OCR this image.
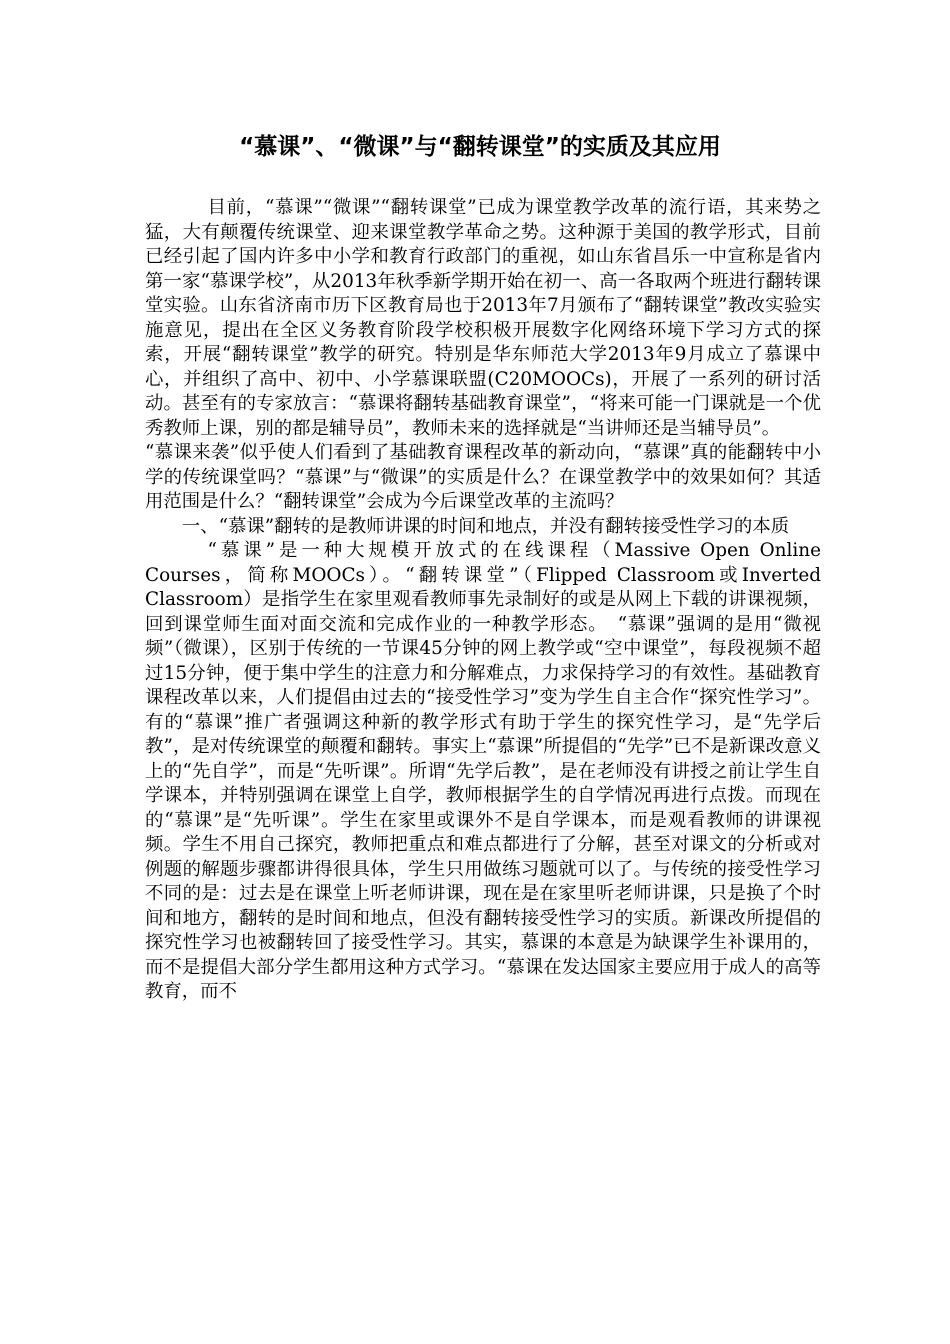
“慕课”、“微课”与“翻转课堂”的实质及其应用

目前，“慕课”“微课”“翻转课堂”已成为课堂教学改革的流行语，其来势之猛，大有颠覆传统课堂、迎来课堂教学革命之势。这种源于美国的教学形式，目前已经引起了国内许多中小学和教育行政部门的重视，如山东省昌乐一中宣称是省内第一家“慕课学校”，从2013年秋季新学期开始在初一、高一各取两个班进行翻转课堂实验。山东省济南市历下区教育局也于2013年7月颁布了“翻转课堂”教改实验实施意见，提出在全区义务教育阶段学校积极开展数字化网络环境下学习方式的探索，开展“翻转课堂”教学的研究。特别是华东师范大学2013年9月成立了慕课中心，并组织了高中、初中、小学慕课联盟(C20MOOCs)，开展了一系列的研讨活动。甚至有的专家放言：“慕课将翻转基础教育课堂”，“将来可能一门课就是一个优秀教师上课，别的都是辅导员”，教师未来的选择就是“当讲师还是当辅导员”。

“慕课来袭”似乎使人们看到了基础教育课程改革的新动向，“慕课”真的能翻转中小学的传统课堂吗？“慕课”与“微课”的实质是什么？在课堂教学中的效果如何？其适用范围是什么？“翻转课堂”会成为今后课堂改革的主流吗？

一、“慕课”翻转的是教师讲课的时间和地点，并没有翻转接受性学习的本质

“慕课”是一种大规模开放式的在线课程（Massive Open Online Courses，简称MOOCs）。“翻转课堂”（Flipped Classroom或Inverted Classroom）是指学生在家里观看教师事先录制好的或是从网上下载的讲课视频，回到课堂师生面对面交流和完成作业的一种教学形态。　“慕课”强调的是用“微视频”（微课），区别于传统的一节课45分钟的网上教学或“空中课堂”，每段视频不超过15分钟，便于集中学生的注意力和分解难点，力求保持学习的有效性。基础教育课程改革以来，人们提倡由过去的“接受性学习”变为学生自主合作“探究性学习”。有的“慕课”推广者强调这种新的教学形式有助于学生的探究性学习，是“先学后教”，是对传统课堂的颠覆和翻转。事实上“慕课”所提倡的“先学”已不是新课改意义上的“先自学”，而是“先听课”。所谓“先学后教”，是在老师没有讲授之前让学生自学课本，并特别强调在课堂上自学，教师根据学生的自学情况再进行点拨。而现在的“慕课”是“先听课”。学生在家里或课外不是自学课本，而是观看教师的讲课视频。学生不用自己探究，教师把重点和难点都进行了分解，甚至对课文的分析或对例题的解题步骤都讲得很具体，学生只用做练习题就可以了。与传统的接受性学习不同的是：过去是在课堂上听老师讲课，现在是在家里听老师讲课，只是换了个时间和地方，翻转的是时间和地点，但没有翻转接受性学习的实质。新课改所提倡的探究性学习也被翻转回了接受性学习。其实，慕课的本意是为缺课学生补课用的，而不是提倡大部分学生都用这种方式学习。“慕课在发达国家主要应用于成人的高等教育，而不
